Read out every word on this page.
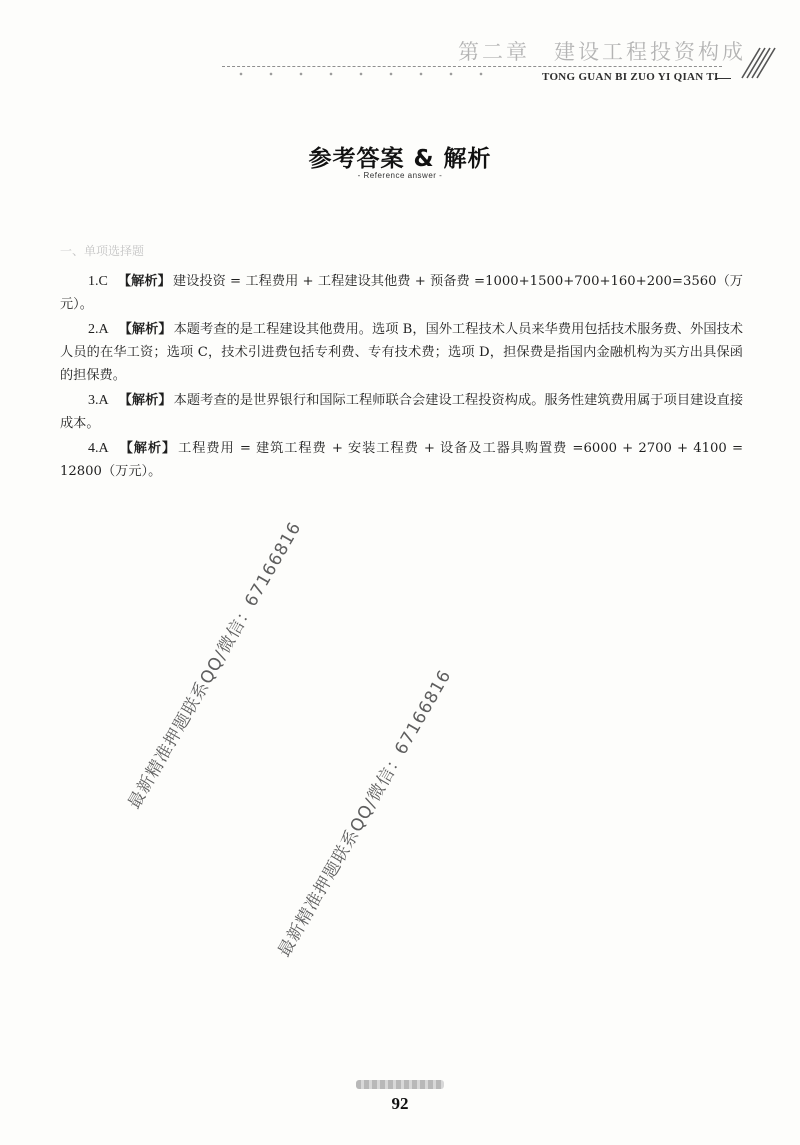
第二章　建设工程投资构成
TONG GUAN BI ZUO YI QIAN TI
参考答案 & 解析
- Reference answer -
一、单项选择题

1.C 【解析】 建设投资 = 工程费用 + 工程建设其他费 + 预备费 =1000+1500+700+160+200=3560（万元）。

2.A 【解析】 本题考查的是工程建设其他费用。选项 B，国外工程技术人员来华费用包括技术服务费、外国技术人员的在华工资；选项 C，技术引进费包括专利费、专有技术费；选项 D，担保费是指国内金融机构为买方出具保函的担保费。

3.A 【解析】 本题考查的是世界银行和国际工程师联合会建设工程投资构成。服务性建筑费用属于项目建设直接成本。

4.A 【解析】 工程费用 = 建筑工程费 + 安装工程费 + 设备及工器具购置费 =6000 + 2700 + 4100 = 12800（万元）。

最新精准押题联系QQ/微信：67166816
最新精准押题联系QQ/微信：67166816
92
